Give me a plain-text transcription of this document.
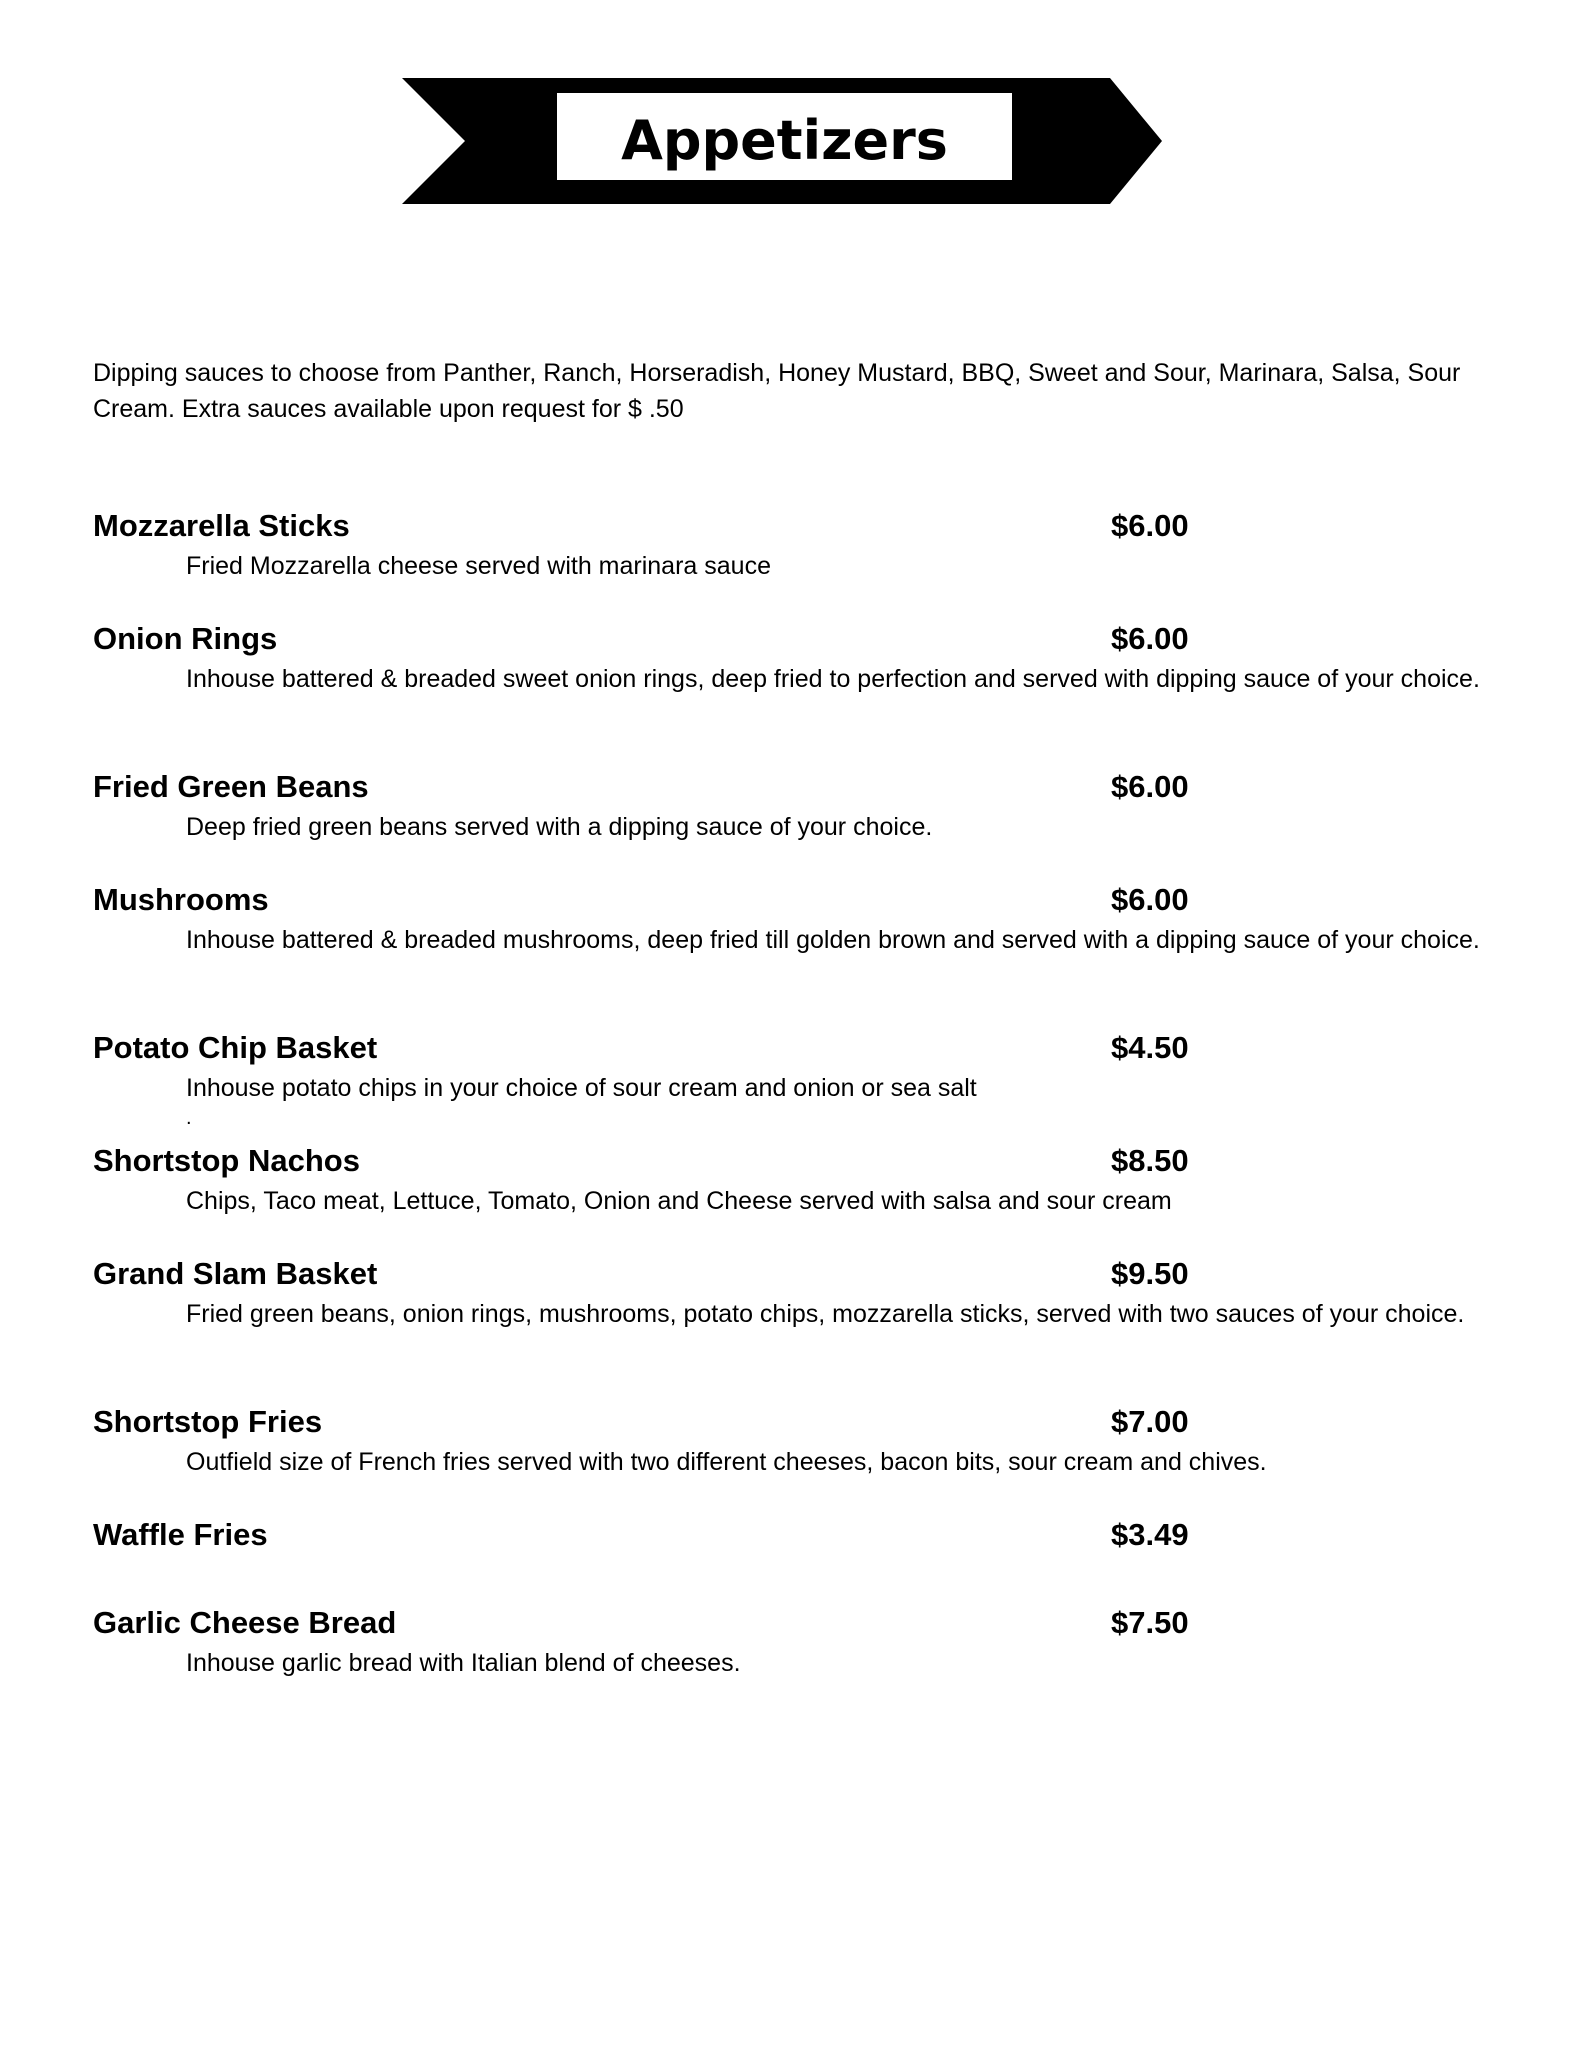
Appetizers
Dipping sauces to choose from Panther, Ranch, Horseradish, Honey Mustard, BBQ, Sweet and Sour, Marinara, Salsa, Sour Cream. Extra sauces available upon request for $ .50
Mozzarella Sticks	$6.00
Fried Mozzarella cheese served with marinara sauce
Onion Rings	$6.00
Inhouse battered & breaded sweet onion rings, deep fried to perfection and served with dipping sauce of your choice.
Fried Green Beans	$6.00
Deep fried green beans served with a dipping sauce of your choice.
Mushrooms	$6.00
Inhouse battered & breaded mushrooms, deep fried till golden brown and served with a dipping sauce of your choice.
Potato Chip Basket	$4.50
Inhouse potato chips in your choice of sour cream and onion or sea salt
Shortstop Nachos	$8.50
Chips, Taco meat, Lettuce, Tomato, Onion and Cheese served with salsa and sour cream
Grand Slam Basket	$9.50
Fried green beans, onion rings, mushrooms, potato chips, mozzarella sticks, served with two sauces of your choice.
Shortstop Fries	$7.00
Outfield size of French fries served with two different cheeses, bacon bits, sour cream and chives.
Waffle Fries	$3.49
Garlic Cheese Bread	$7.50
Inhouse garlic bread with Italian blend of cheeses.
.
